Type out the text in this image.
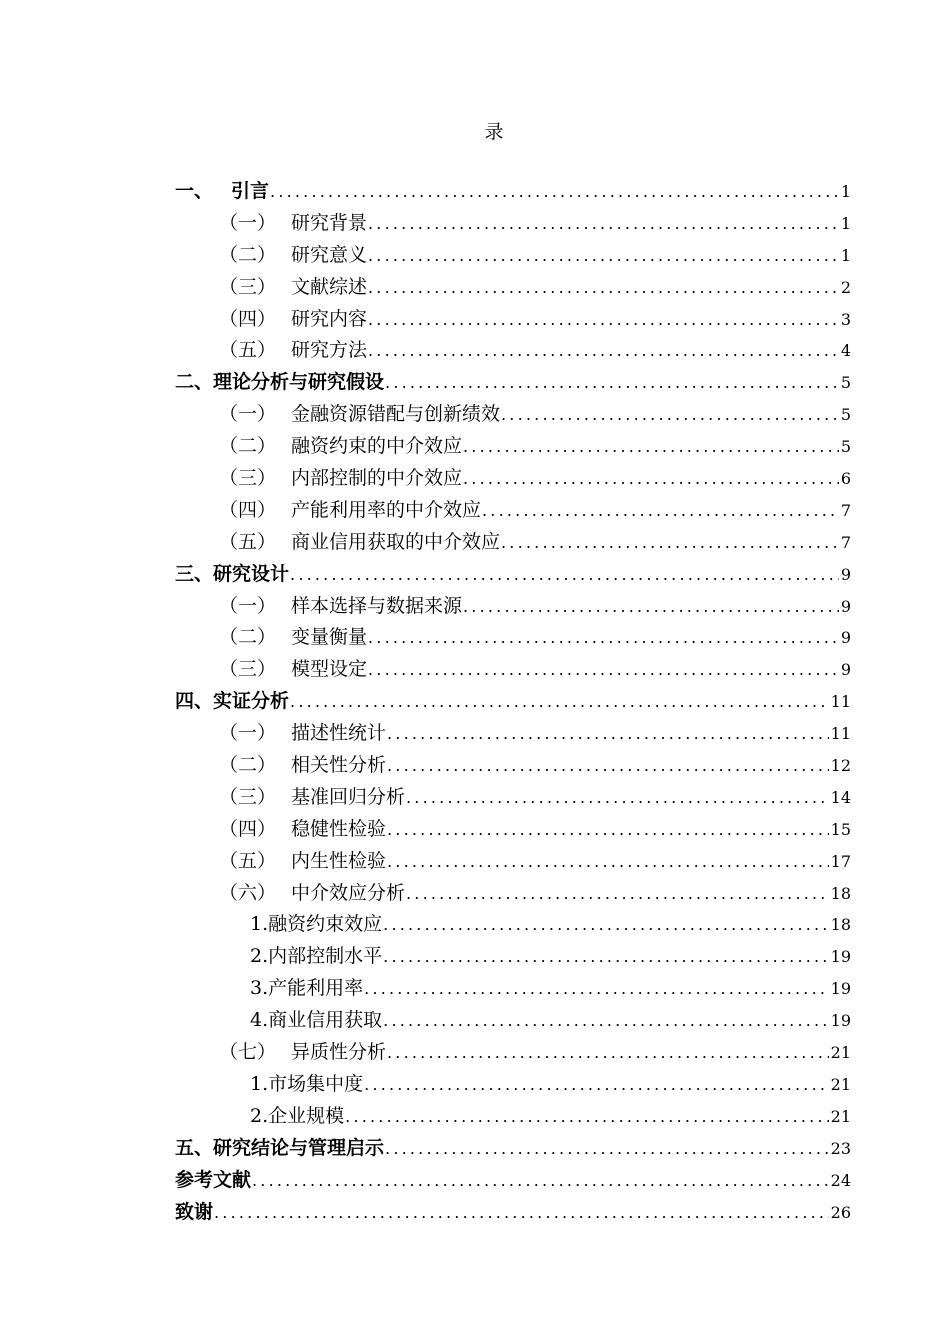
录
一、 引言 .....	1
（一） 研究背景 .....	1
（二） 研究意义 .....	1
（三） 文献综述 .....	2
（四） 研究内容 .....	3
（五） 研究方法 .....	4
二、理论分析与研究假设 .....	5
（一） 金融资源错配与创新绩效 .....	5
（二） 融资约束的中介效应 .....	5
（三） 内部控制的中介效应 .....	6
（四） 产能利用率的中介效应 .....	7
（五） 商业信用获取的中介效应 .....	7
三、研究设计 .....	9
（一） 样本选择与数据来源 .....	9
（二） 变量衡量 .....	9
（三） 模型设定 .....	9
四、实证分析 .....	11
（一） 描述性统计 .....	11
（二） 相关性分析 .....	12
（三） 基准回归分析 .....	14
（四） 稳健性检验 .....	15
（五） 内生性检验 .....	17
（六） 中介效应分析 .....	18
1.融资约束效应 .....	18
2.内部控制水平 .....	19
3.产能利用率 .....	19
4.商业信用获取 .....	19
（七） 异质性分析 .....	21
1.市场集中度 .....	21
2.企业规模 .....	21
五、研究结论与管理启示 .....	23
参考文献 .....	24
致谢 .....	26
